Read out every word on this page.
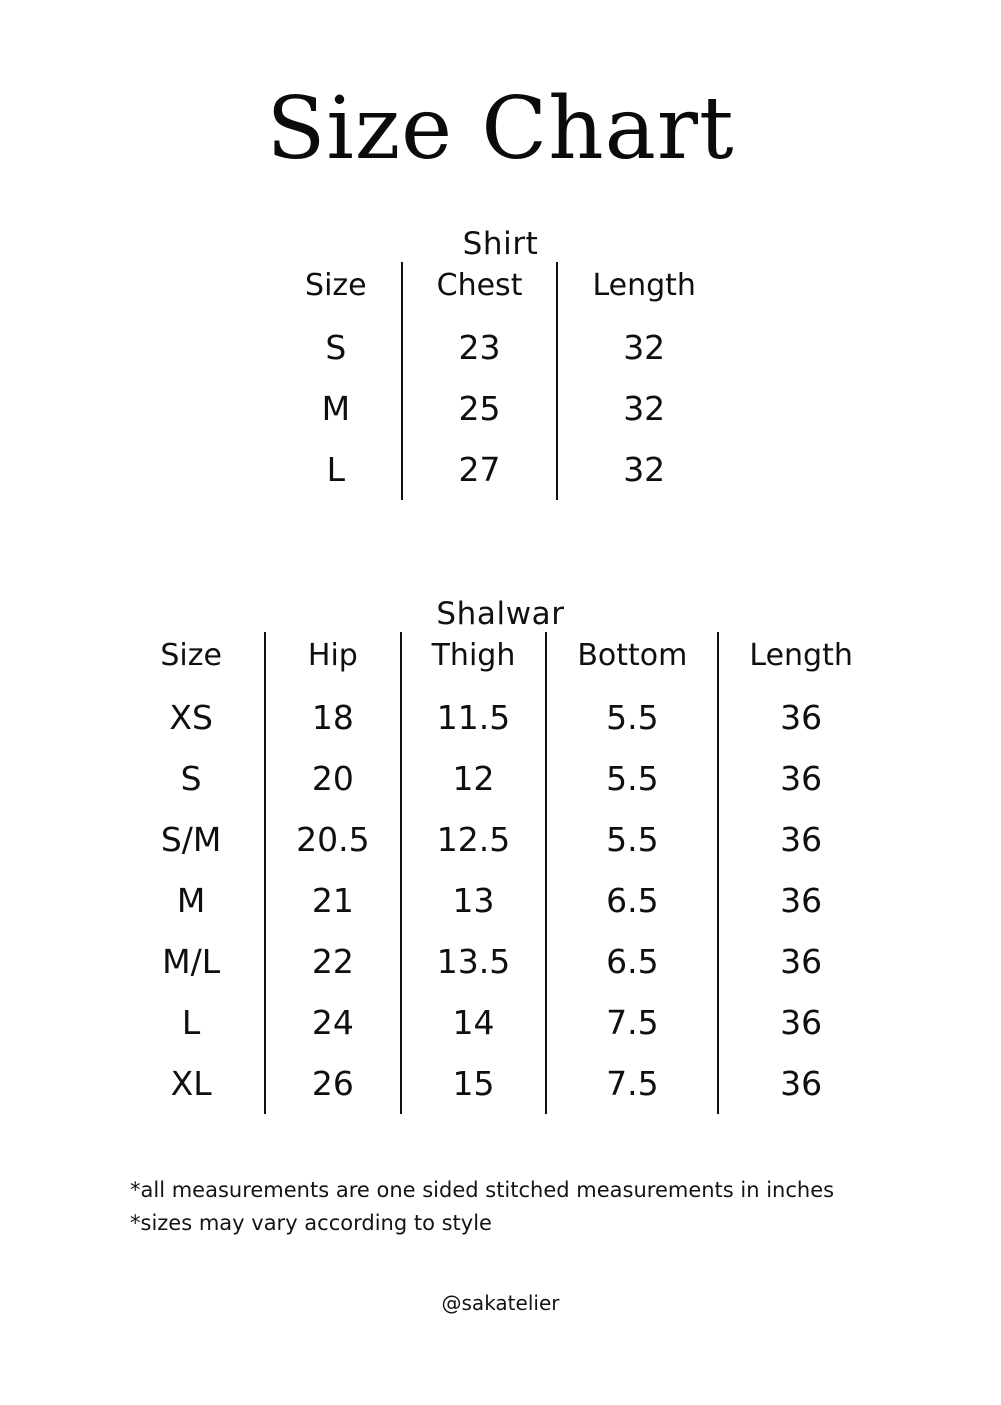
Size Chart
Shirt
Size	Chest	Length
S	23	32
M	25	32
L	27	32
Shalwar
Size	Hip	Thigh	Bottom	Length
XS	18	11.5	5.5	36
S	20	12	5.5	36
S/M	20.5	12.5	5.5	36
M	21	13	6.5	36
M/L	22	13.5	6.5	36
L	24	14	7.5	36
XL	26	15	7.5	36
*all measurements are one sided stitched measurements in inches
*sizes may vary according to style
@sakatelier
